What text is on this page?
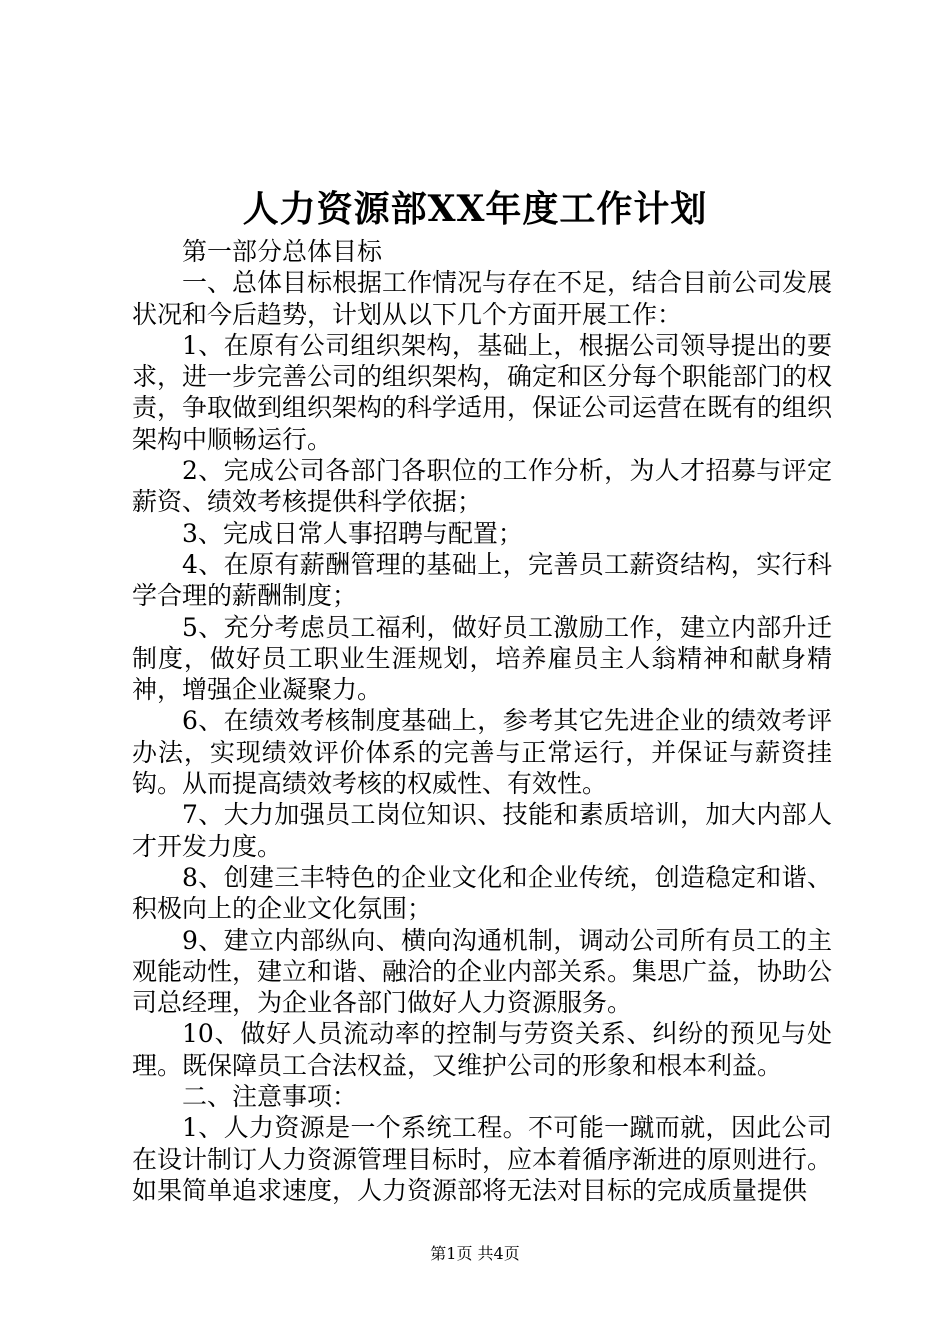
人力资源部XX年度工作计划

第一部分总体目标

一、总体目标根据工作情况与存在不足，结合目前公司发展状况和今后趋势，计划从以下几个方面开展工作：

1、在原有公司组织架构，基础上，根据公司领导提出的要求，进一步完善公司的组织架构，确定和区分每个职能部门的权责，争取做到组织架构的科学适用，保证公司运营在既有的组织架构中顺畅运行。

2、完成公司各部门各职位的工作分析，为人才招募与评定薪资、绩效考核提供科学依据；

3、完成日常人事招聘与配置；

4、在原有薪酬管理的基础上，完善员工薪资结构，实行科学合理的薪酬制度；

5、充分考虑员工福利，做好员工激励工作，建立内部升迁制度，做好员工职业生涯规划，培养雇员主人翁精神和献身精神，增强企业凝聚力。

6、在绩效考核制度基础上，参考其它先进企业的绩效考评办法，实现绩效评价体系的完善与正常运行，并保证与薪资挂钩。从而提高绩效考核的权威性、有效性。

7、大力加强员工岗位知识、技能和素质培训，加大内部人才开发力度。

8、创建三丰特色的企业文化和企业传统，创造稳定和谐、积极向上的企业文化氛围；

9、建立内部纵向、横向沟通机制，调动公司所有员工的主观能动性，建立和谐、融洽的企业内部关系。集思广益，协助公司总经理，为企业各部门做好人力资源服务。

10、做好人员流动率的控制与劳资关系、纠纷的预见与处理。既保障员工合法权益，又维护公司的形象和根本利益。

二、注意事项：

1、人力资源是一个系统工程。不可能一蹴而就，因此公司在设计制订人力资源管理目标时，应本着循序渐进的原则进行。如果简单追求速度，人力资源部将无法对目标的完成质量提供

第1页 共4页
